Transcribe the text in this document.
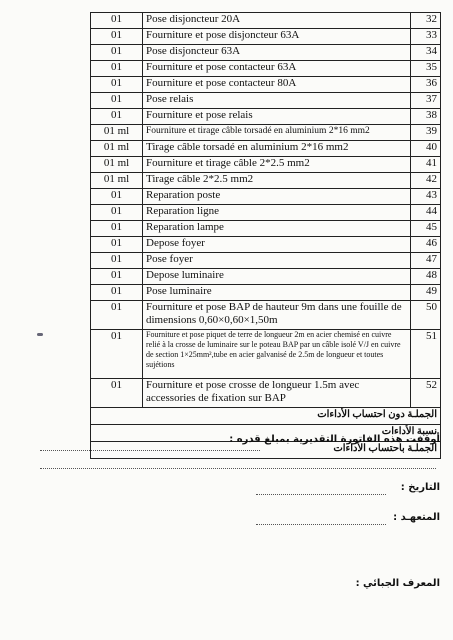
01	Pose disjoncteur 20A	32
01	Fourniture et pose disjoncteur 63A	33
01	Pose disjoncteur 63A	34
01	Fourniture et pose contacteur 63A	35
01	Fourniture et pose contacteur 80A	36
01	Pose relais	37
01	Fourniture et pose relais	38
01 ml	Fourniture et tirage câble torsadé en aluminium 2*16 mm2	39
01 ml	Tirage câble torsadé en aluminium 2*16 mm2	40
01 ml	Fourniture et tirage câble 2*2.5 mm2	41
01 ml	Tirage câble 2*2.5 mm2	42
01	Reparation poste	43
01	Reparation ligne	44
01	Reparation lampe	45
01	Depose foyer	46
01	Pose foyer	47
01	Depose luminaire	48
01	Pose luminaire	49
01	Fourniture et pose BAP de hauteur 9m dans une fouille de dimensions 0,60×0,60×1,50m	50
01	Fourniture et pose piquet de terre de longueur 2m en acier chemisé en cuivre relié à la crosse de luminaire sur le poteau BAP par un câble isolé V/J en cuivre de section 1×25mm²,tube en acier galvanisé de 2.5m de longueur et toutes sujétions	51
01	Fourniture et pose crosse de longueur 1.5m avec accessories de fixation sur BAP	52
الجملـة دون احتساب الأداءات		
نسبة الأداءات		
الجملـة باحتساب الأداءات		
أوقفت هذه الفاتورة التقديرية بمبلغ قدره :
التاريخ :
المتعهـد :
المعرف الجبائي :
